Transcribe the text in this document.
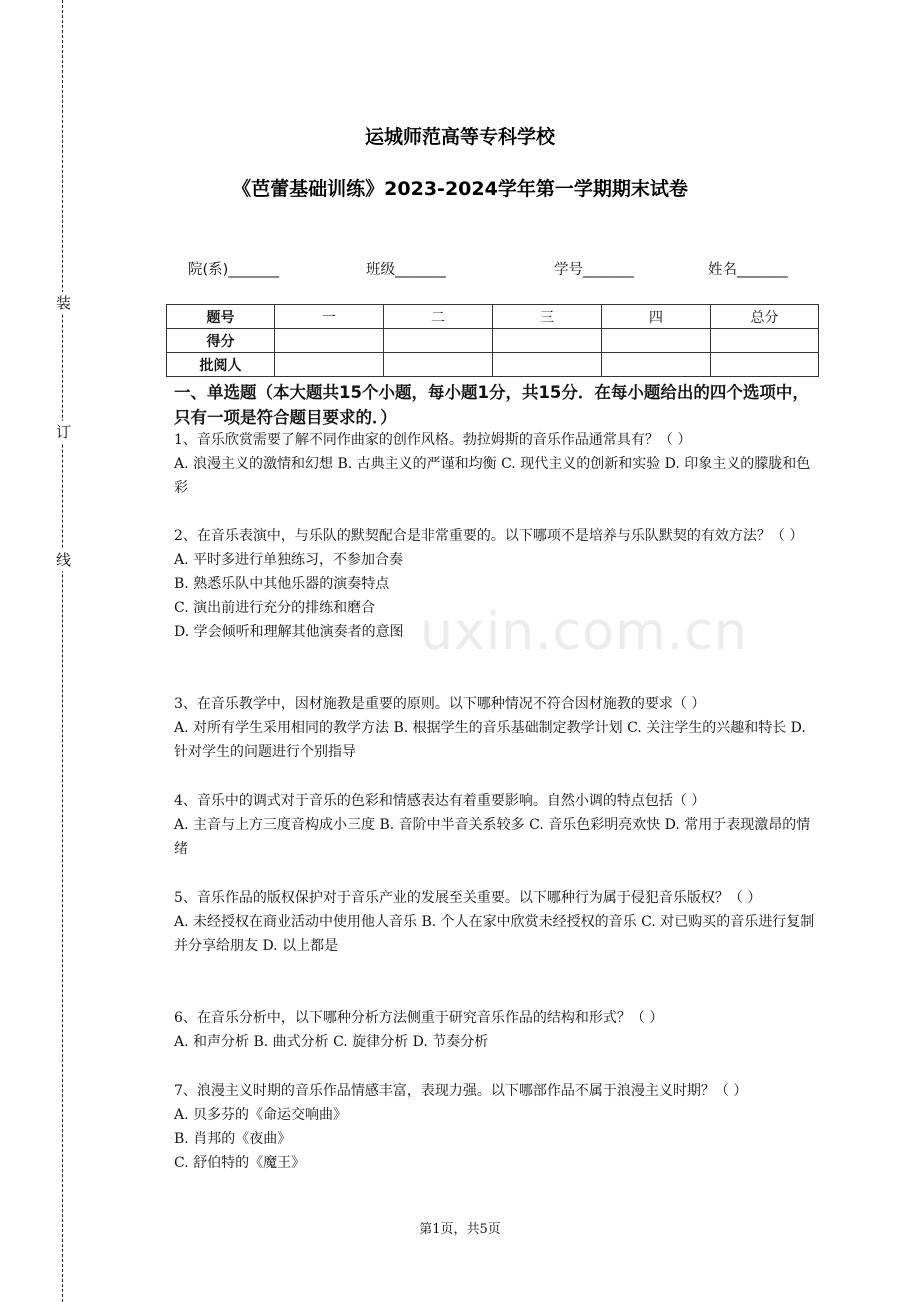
装
订
线
uxin.com.cn
运城师范高等专科学校
《芭蕾基础训练》2023-2024学年第一学期期末试卷
院(系)_______	班级_______	学号_______	姓名_______
题号	一	二	三	四	总分
得分					
批阅人					
一、单选题（本大题共15个小题，每小题1分，共15分．在每小题给出的四个选项中，只有一项是符合题目要求的．）

1、音乐欣赏需要了解不同作曲家的创作风格。勃拉姆斯的音乐作品通常具有？（ ）

A. 浪漫主义的激情和幻想 B. 古典主义的严谨和均衡 C. 现代主义的创新和实验 D. 印象主义的朦胧和色彩

2、在音乐表演中，与乐队的默契配合是非常重要的。以下哪项不是培养与乐队默契的有效方法？（ ）

A. 平时多进行单独练习，不参加合奏

B. 熟悉乐队中其他乐器的演奏特点

C. 演出前进行充分的排练和磨合

D. 学会倾听和理解其他演奏者的意图

3、在音乐教学中，因材施教是重要的原则。以下哪种情况不符合因材施教的要求（ ）

A. 对所有学生采用相同的教学方法 B. 根据学生的音乐基础制定教学计划 C. 关注学生的兴趣和特长 D. 针对学生的问题进行个别指导

4、音乐中的调式对于音乐的色彩和情感表达有着重要影响。自然小调的特点包括（ ）

A. 主音与上方三度音构成小三度 B. 音阶中半音关系较多 C. 音乐色彩明亮欢快 D. 常用于表现激昂的情绪

5、音乐作品的版权保护对于音乐产业的发展至关重要。以下哪种行为属于侵犯音乐版权？（ ）

A. 未经授权在商业活动中使用他人音乐 B. 个人在家中欣赏未经授权的音乐 C. 对已购买的音乐进行复制并分享给朋友 D. 以上都是

6、在音乐分析中，以下哪种分析方法侧重于研究音乐作品的结构和形式？（ ）

A. 和声分析 B. 曲式分析 C. 旋律分析 D. 节奏分析

7、浪漫主义时期的音乐作品情感丰富，表现力强。以下哪部作品不属于浪漫主义时期？（ ）

A. 贝多芬的《命运交响曲》

B. 肖邦的《夜曲》

C. 舒伯特的《魔王》

第1页，共5页
